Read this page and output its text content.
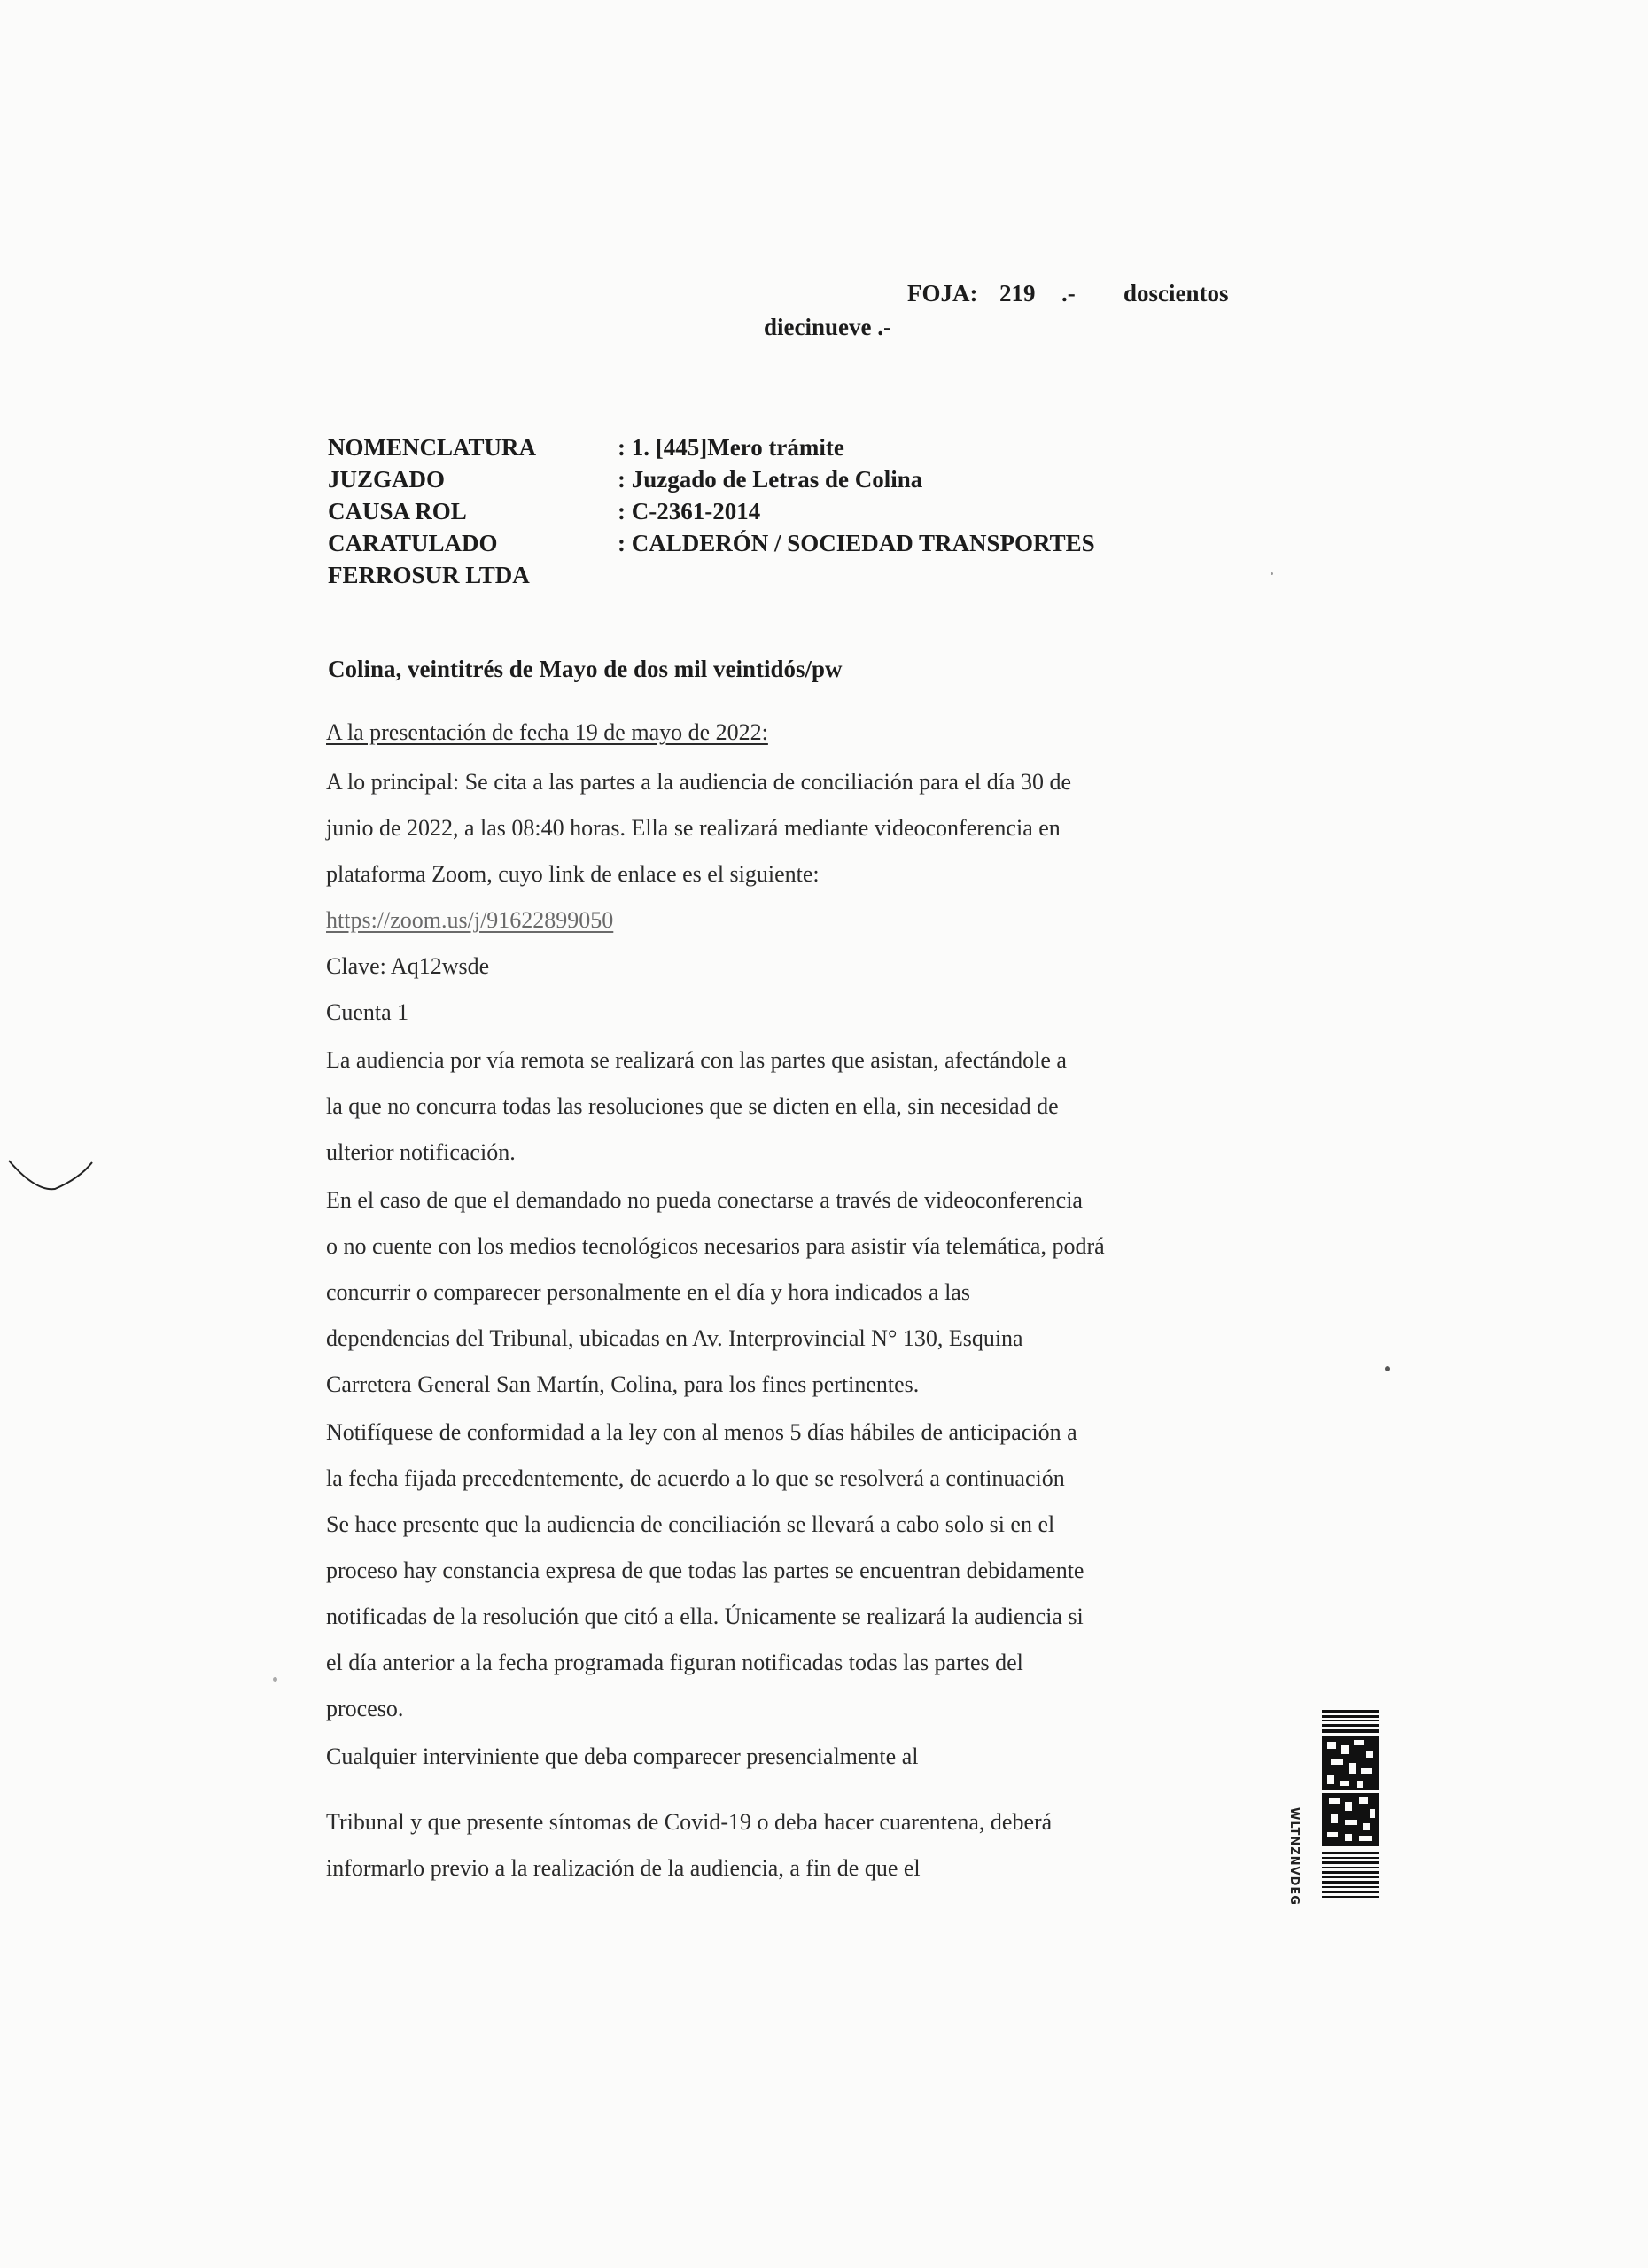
FOJA: 219 .- doscientos
diecinueve .-
NOMENCLATURA	: 1. [445]Mero trámite
JUZGADO	: Juzgado de Letras de Colina
CAUSA ROL	: C-2361-2014
CARATULADO	: CALDERÓN / SOCIEDAD TRANSPORTES
FERROSUR LTDA
Colina, veintitrés de Mayo de dos mil veintidós/pw
A la presentación de fecha 19 de mayo de 2022:
A lo principal: Se cita a las partes a la audiencia de conciliación para el día 30 de
junio de 2022, a las 08:40 horas. Ella se realizará mediante videoconferencia en
plataforma Zoom, cuyo link de enlace es el siguiente:
https://zoom.us/j/91622899050
Clave: Aq12wsde
Cuenta 1
La audiencia por vía remota se realizará con las partes que asistan, afectándole a
la que no concurra todas las resoluciones que se dicten en ella, sin necesidad de
ulterior notificación.
En el caso de que el demandado no pueda conectarse a través de videoconferencia
o no cuente con los medios tecnológicos necesarios para asistir vía telemática, podrá
concurrir o comparecer personalmente en el día y hora indicados a las
dependencias del Tribunal, ubicadas en Av. Interprovincial N° 130, Esquina
Carretera General San Martín, Colina, para los fines pertinentes.
Notifíquese de conformidad a la ley con al menos 5 días hábiles de anticipación a
la fecha fijada precedentemente, de acuerdo a lo que se resolverá a continuación
Se hace presente que la audiencia de conciliación se llevará a cabo solo si en el
proceso hay constancia expresa de que todas las partes se encuentran debidamente
notificadas de la resolución que citó a ella. Únicamente se realizará la audiencia si
el día anterior a la fecha programada figuran notificadas todas las partes del
proceso.
Cualquier interviniente que deba comparecer presencialmente al
Tribunal y que presente síntomas de Covid-19 o deba hacer cuarentena, deberá
informarlo previo a la realización de la audiencia, a fin de que el	WLTNZNVDEG
